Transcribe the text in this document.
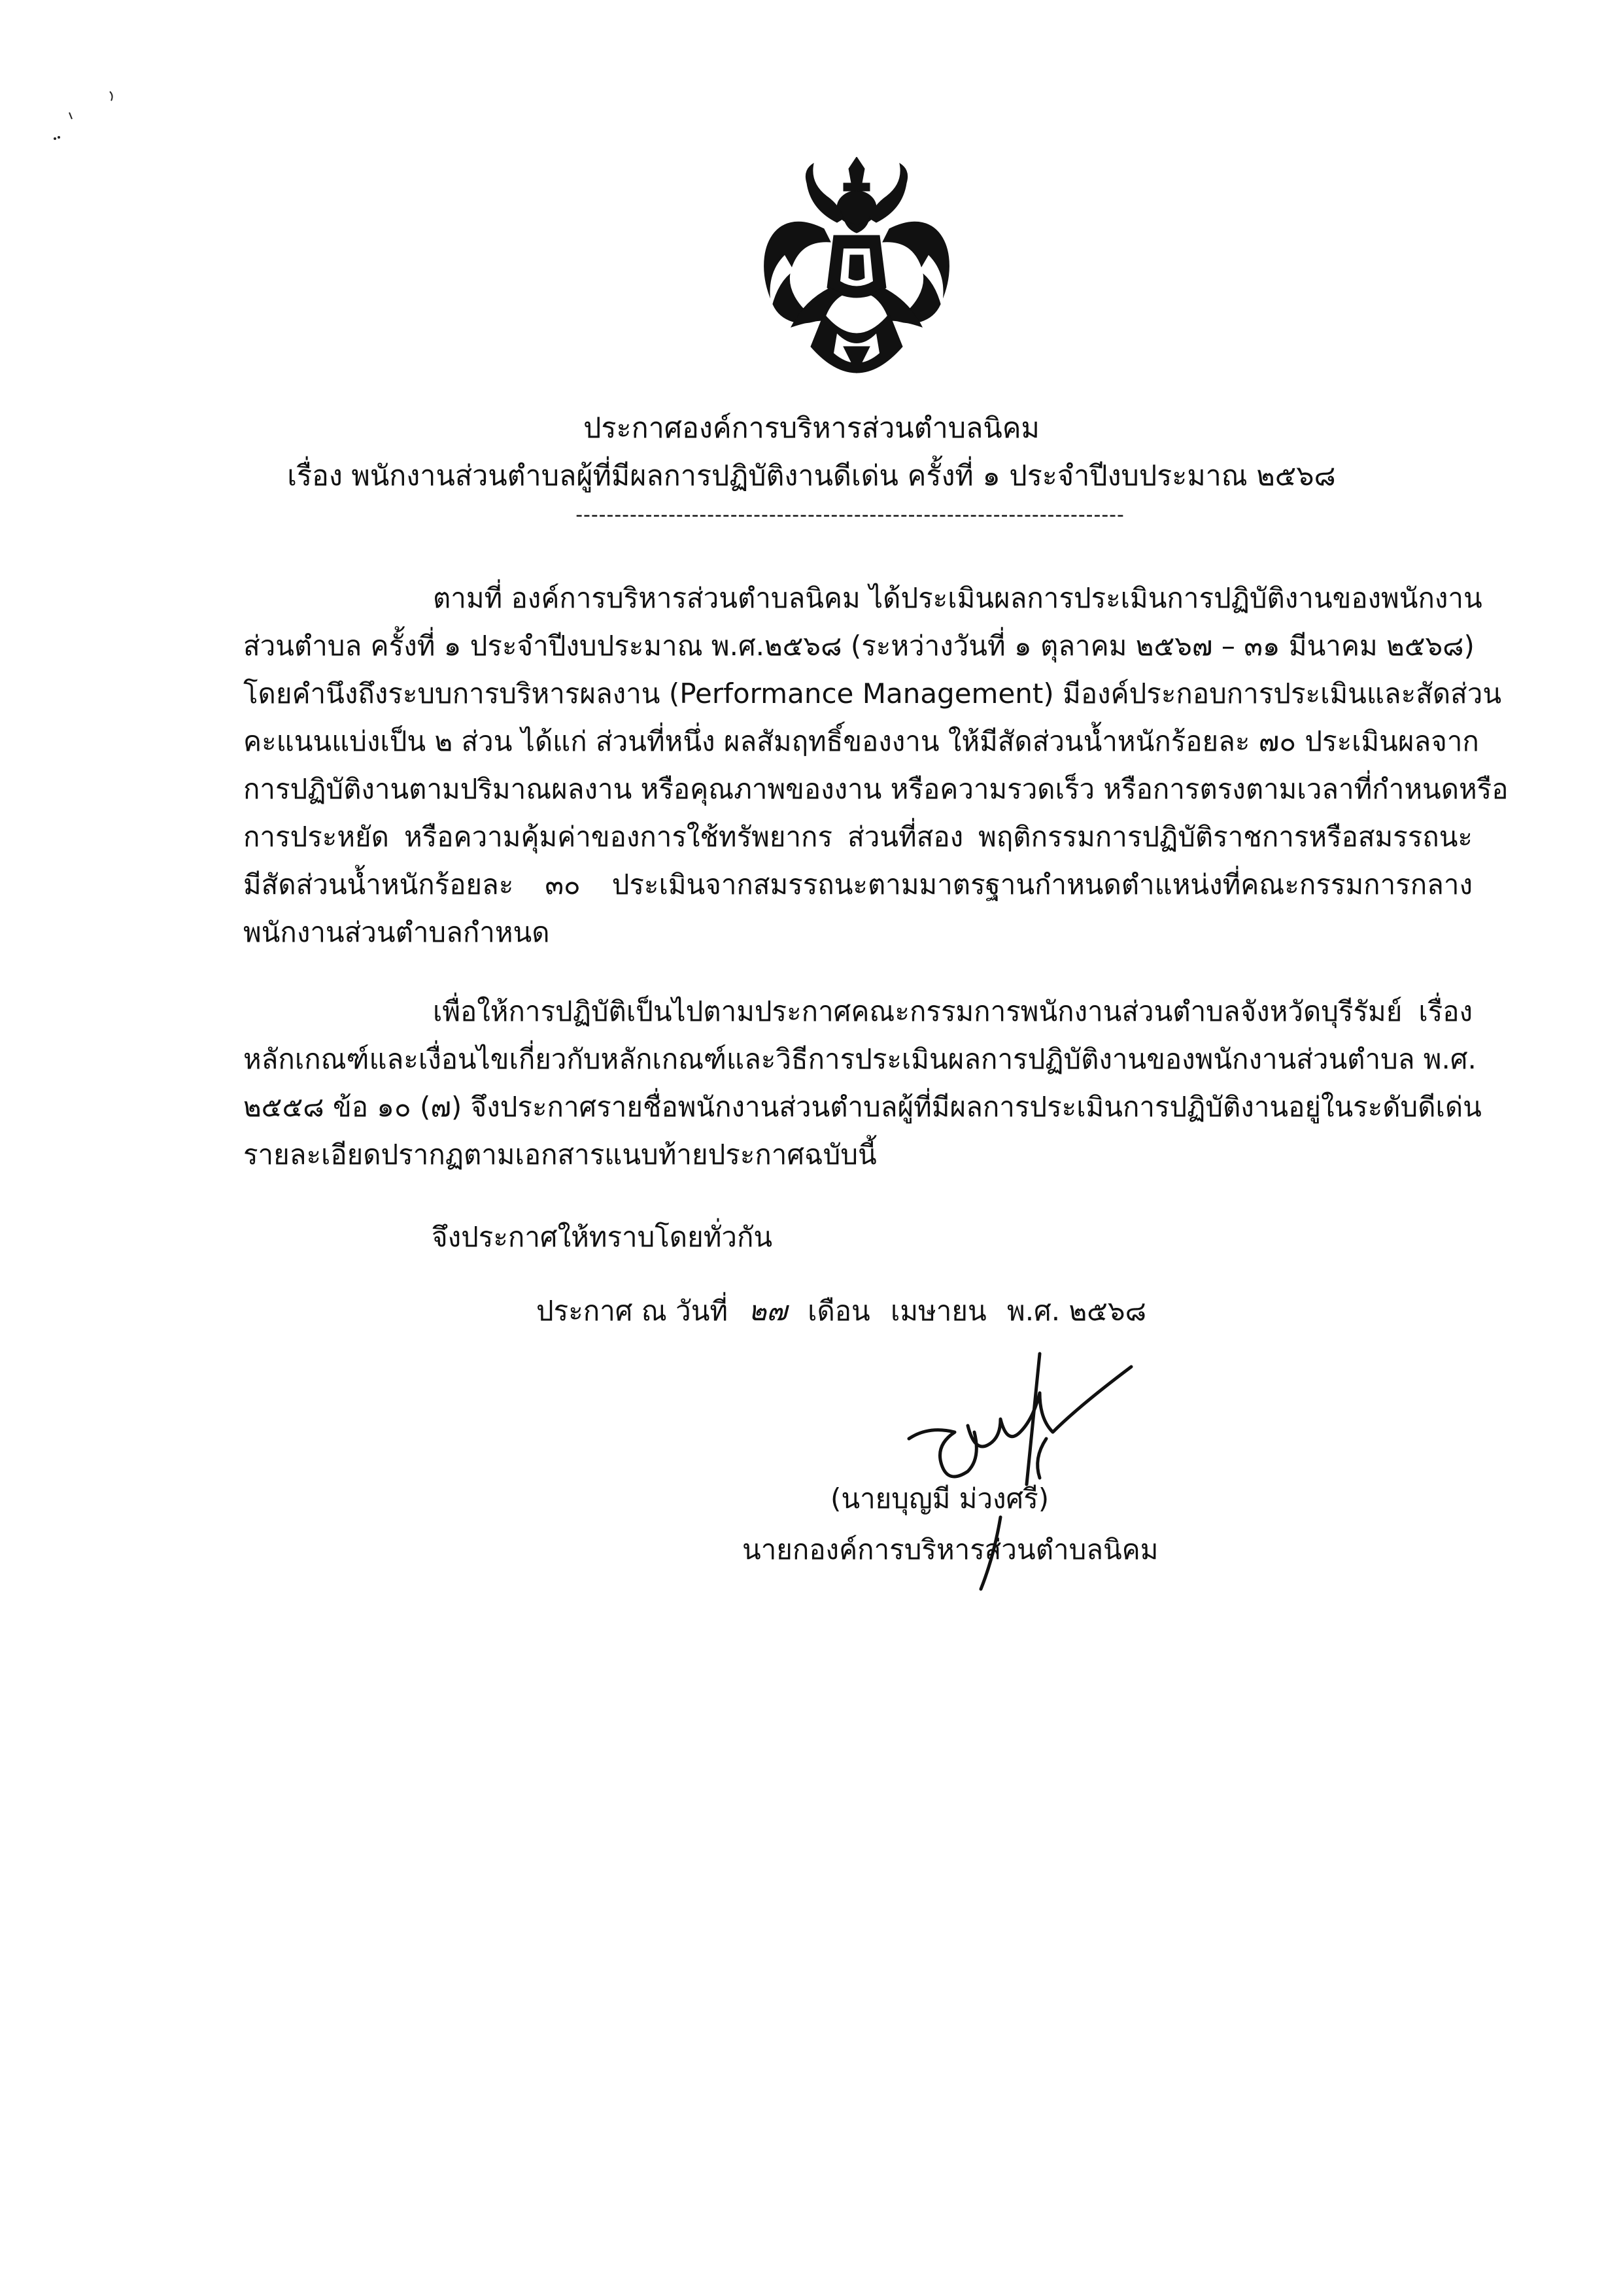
ประกาศองค์การบริหารส่วนตำบลนิคม
เรื่อง พนักงานส่วนตำบลผู้ที่มีผลการปฏิบัติงานดีเด่น ครั้งที่ ๑ ประจำปีงบประมาณ ๒๕๖๘
-----------------------------------------------------------------------
ตามที่ องค์การบริหารส่วนตำบลนิคม ได้ประเมินผลการประเมินการปฏิบัติงานของพนักงาน
ส่วนตำบล ครั้งที่ ๑ ประจำปีงบประมาณ พ.ศ.๒๕๖๘ (ระหว่างวันที่ ๑ ตุลาคม ๒๕๖๗ – ๓๑ มีนาคม ๒๕๖๘)
โดยคำนึงถึงระบบการบริหารผลงาน (Performance Management) มีองค์ประกอบการประเมินและสัดส่วน
คะแนนแบ่งเป็น ๒ ส่วน ได้แก่ ส่วนที่หนึ่ง ผลสัมฤทธิ์ของงาน ให้มีสัดส่วนน้ำหนักร้อยละ ๗๐ ประเมินผลจาก
การปฏิบัติงานตามปริมาณผลงาน หรือคุณภาพของงาน หรือความรวดเร็ว หรือการตรงตามเวลาที่กำหนดหรือ
การประหยัด หรือความคุ้มค่าของการใช้ทรัพยากร ส่วนที่สอง พฤติกรรมการปฏิบัติราชการหรือสมรรถนะ
มีสัดส่วนน้ำหนักร้อยละ ๓๐ ประเมินจากสมรรถนะตามมาตรฐานกำหนดตำแหน่งที่คณะกรรมการกลาง
พนักงานส่วนตำบลกำหนด
เพื่อให้การปฏิบัติเป็นไปตามประกาศคณะกรรมการพนักงานส่วนตำบลจังหวัดบุรีรัมย์ เรื่อง
หลักเกณฑ์และเงื่อนไขเกี่ยวกับหลักเกณฑ์และวิธีการประเมินผลการปฏิบัติงานของพนักงานส่วนตำบล พ.ศ.
๒๕๕๘ ข้อ ๑๐ (๗) จึงประกาศรายชื่อพนักงานส่วนตำบลผู้ที่มีผลการประเมินการปฏิบัติงานอยู่ในระดับดีเด่น
รายละเอียดปรากฏตามเอกสารแนบท้ายประกาศฉบับนี้
จึงประกาศให้ทราบโดยทั่วกัน
ประกาศ ณ วันที่ ๒๗ เดือน เมษายน พ.ศ. ๒๕๖๘
(นายบุญมี ม่วงศรี)
นายกองค์การบริหารส่วนตำบลนิคม
